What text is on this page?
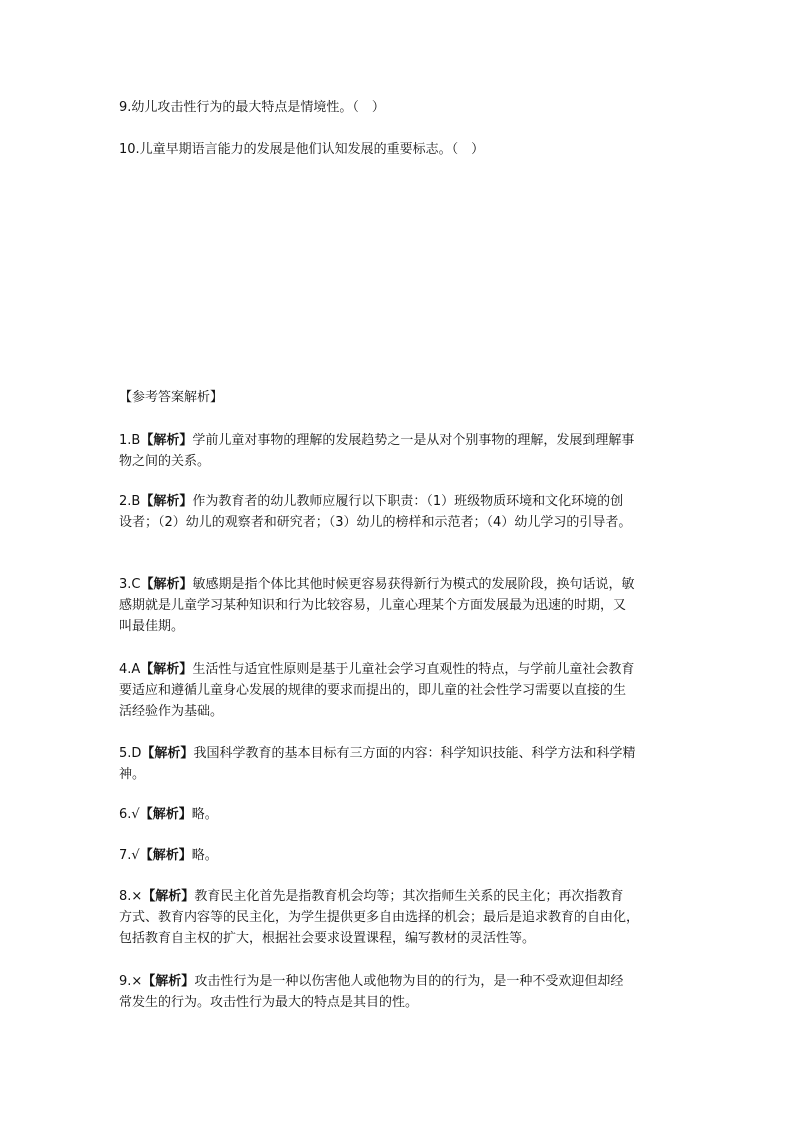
9.幼儿攻击性行为的最大特点是情境性。（　）
10.儿童早期语言能力的发展是他们认知发展的重要标志。（　）
【参考答案解析】

1.B【解析】学前儿童对事物的理解的发展趋势之一是从对个别事物的理解，发展到理解事

物之间的关系。

2.B【解析】作为教育者的幼儿教师应履行以下职责：（1）班级物质环境和文化环境的创

设者；（2）幼儿的观察者和研究者；（3）幼儿的榜样和示范者；（4）幼儿学习的引导者。

3.C【解析】敏感期是指个体比其他时候更容易获得新行为模式的发展阶段，换句话说，敏

感期就是儿童学习某种知识和行为比较容易，儿童心理某个方面发展最为迅速的时期，又

叫最佳期。

4.A【解析】生活性与适宜性原则是基于儿童社会学习直观性的特点，与学前儿童社会教育

要适应和遵循儿童身心发展的规律的要求而提出的，即儿童的社会性学习需要以直接的生

活经验作为基础。

5.D【解析】我国科学教育的基本目标有三方面的内容：科学知识技能、科学方法和科学精

神。

6.√【解析】略。

7.√【解析】略。

8.×【解析】教育民主化首先是指教育机会均等；其次指师生关系的民主化；再次指教育

方式、教育内容等的民主化，为学生提供更多自由选择的机会；最后是追求教育的自由化，

包括教育自主权的扩大，根据社会要求设置课程，编写教材的灵活性等。

9.×【解析】攻击性行为是一种以伤害他人或他物为目的的行为，是一种不受欢迎但却经

常发生的行为。攻击性行为最大的特点是其目的性。
